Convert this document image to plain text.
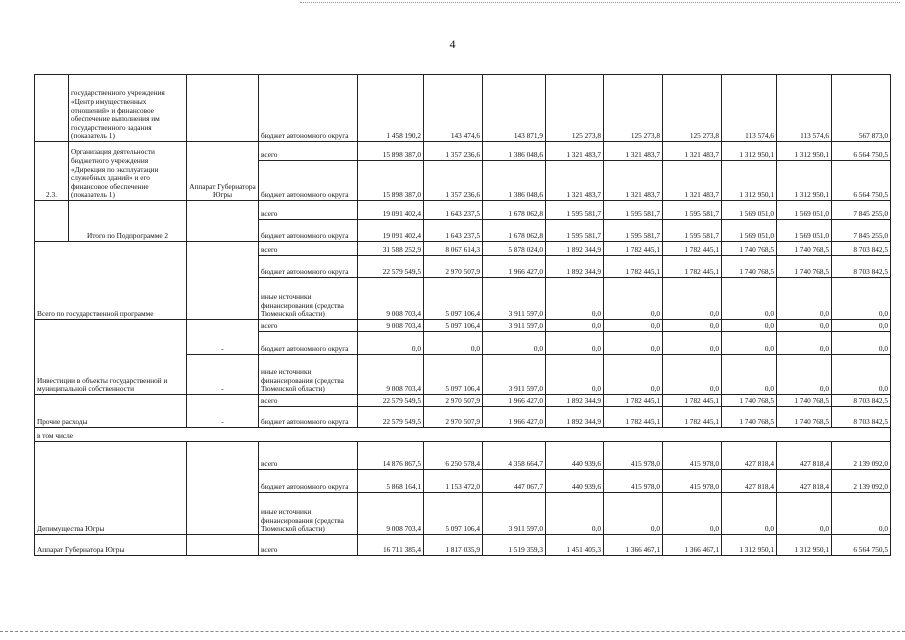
4
	государственного учреждения «Центр имущественных отношений» и финансовое обеспечение выполнения им государственного задания (показатель 1)		бюджет автономного округа	1 458 190,2	143 474,6	143 871,9	125 273,8	125 273,8	125 273,8	113 574,6	113 574,6	567 873,0
2.3.	Организация деятельности бюджетного учреждения «Дирекция по эксплуатации служебных зданий» и его финансовое обеспечение (показатель 1)	Аппарат Губернатора Югры	всего	15 898 387,0	1 357 236,6	1 386 048,6	1 321 483,7	1 321 483,7	1 321 483,7	1 312 950,1	1 312 950,1	6 564 750,5
			бюджет автономного округа	15 898 387,0	1 357 236,6	1 386 048,6	1 321 483,7	1 321 483,7	1 321 483,7	1 312 950,1	1 312 950,1	6 564 750,5
	Итого по Подпрограмме 2		всего	19 091 402,4	1 643 237,5	1 678 062,8	1 595 581,7	1 595 581,7	1 595 581,7	1 569 051,0	1 569 051,0	7 845 255,0
			бюджет автономного округа	19 091 402,4	1 643 237,5	1 678 062,8	1 595 581,7	1 595 581,7	1 595 581,7	1 569 051,0	1 569 051,0	7 845 255,0
Всего по государственной программе			всего	31 588 252,9	8 067 614,3	5 878 024,0	1 892 344,9	1 782 445,1	1 782 445,1	1 740 768,5	1 740 768,5	8 703 842,5
			бюджет автономного округа	22 579 549,5	2 970 507,9	1 966 427,0	1 892 344,9	1 782 445,1	1 782 445,1	1 740 768,5	1 740 768,5	8 703 842,5
			иные источники финансирования (средства Тюменской области)	9 008 703,4	5 097 106,4	3 911 597,0	0,0	0,0	0,0	0,0	0,0	0,0
Инвестиции в объекты государственной и муниципальной собственности		-	всего	9 008 703,4	5 097 106,4	3 911 597,0	0,0	0,0	0,0	0,0	0,0	0,0
			бюджет автономного округа	0,0	0,0	0,0	0,0	0,0	0,0	0,0	0,0	0,0
		-	иные источники финансирования (средства Тюменской области)	9 008 703,4	5 097 106,4	3 911 597,0	0,0	0,0	0,0	0,0	0,0	0,0
Прочие расходы		-	всего	22 579 549,5	2 970 507,9	1 966 427,0	1 892 344,9	1 782 445,1	1 782 445,1	1 740 768,5	1 740 768,5	8 703 842,5
			бюджет автономного округа	22 579 549,5	2 970 507,9	1 966 427,0	1 892 344,9	1 782 445,1	1 782 445,1	1 740 768,5	1 740 768,5	8 703 842,5
в том числе												
Депимущества Югры			всего	14 876 867,5	6 250 578,4	4 358 664,7	440 939,6	415 978,0	415 978,0	427 818,4	427 818,4	2 139 092,0
			бюджет автономного округа	5 868 164,1	1 153 472,0	447 067,7	440 939,6	415 978,0	415 978,0	427 818,4	427 818,4	2 139 092,0
			иные источники финансирования (средства Тюменской области)	9 008 703,4	5 097 106,4	3 911 597,0	0,0	0,0	0,0	0,0	0,0	0,0
Аппарат Губернатора Югры			всего	16 711 385,4	1 817 035,9	1 519 359,3	1 451 405,3	1 366 467,1	1 366 467,1	1 312 950,1	1 312 950,1	6 564 750,5
